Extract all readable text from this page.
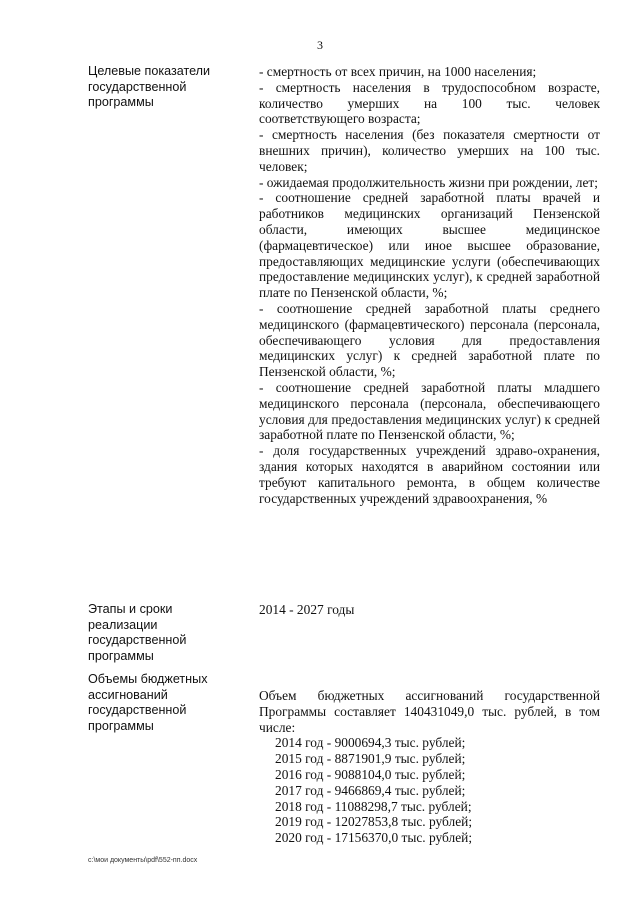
3
Целевые показатели
государственной
программы

- смертность от всех причин, на 1000 населения;

- смертность населения в трудоспособном возрасте, количество умерших на 100 тыс. человек соответствующего возраста;

- смертность населения (без показателя смертности от внешних причин), количество умерших на 100 тыс. человек;

- ожидаемая продолжительность жизни при рождении, лет;

- соотношение средней заработной платы врачей и работников медицинских организаций Пензенской области, имеющих высшее медицинское (фармацевтическое) или иное высшее образование, предоставляющих медицинские услуги (обеспечивающих предоставление медицинских услуг), к средней заработной плате по Пензенской области, %;

- соотношение средней заработной платы среднего медицинского (фармацевтического) персонала (персонала, обеспечивающего условия для предоставления медицинских услуг) к средней заработной плате по Пензенской области, %;

- соотношение средней заработной платы младшего медицинского персонала (персонала, обеспечивающего условия для предоставления медицинских услуг) к средней заработной плате по Пензенской области, %;

- доля государственных учреждений здраво-охранения, здания которых находятся в аварийном состоянии или требуют капитального ремонта, в общем количестве государственных учреждений здравоохранения, %

Этапы и сроки
реализации
государственной
программы

2014 - 2027 годы

Объемы бюджетных
ассигнований
государственной
программы

Объем бюджетных ассигнований государственной Программы составляет 140431049,0 тыс. рублей, в том числе:

2014 год - 9000694,3 тыс. рублей;
2015 год - 8871901,9 тыс. рублей;
2016 год - 9088104,0 тыс. рублей;
2017 год - 9466869,4 тыс. рублей;
2018 год - 11088298,7 тыс. рублей;
2019 год - 12027853,8 тыс. рублей;
2020 год - 17156370,0 тыс. рублей;
c:\мои документы\pdf\552-пп.docx
